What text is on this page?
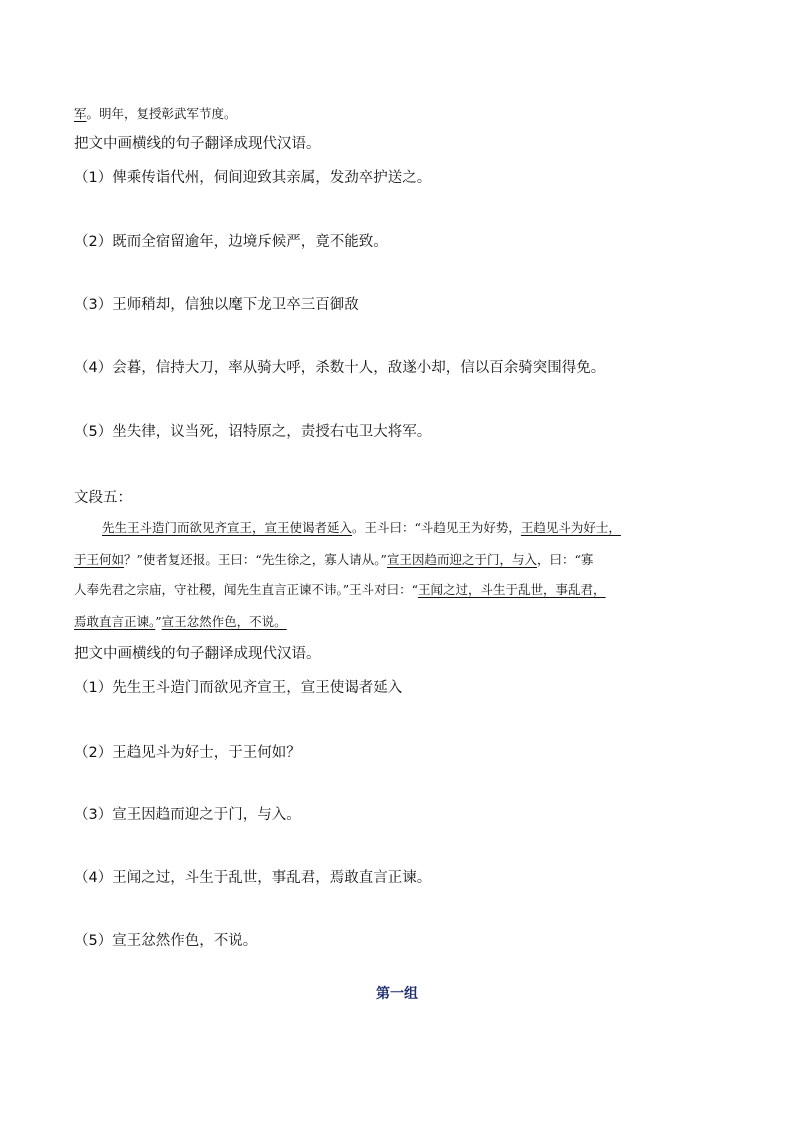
军。明年，复授彰武军节度。
把文中画横线的句子翻译成现代汉语。
（1）俾乘传诣代州，伺间迎致其亲属，发劲卒护送之。
（2）既而全宿留逾年，边境斥候严，竟不能致。
（3）王师稍却，信独以麾下龙卫卒三百御敌
（4）会暮，信持大刀，率从骑大呼，杀数十人，敌遂小却，信以百余骑突围得免。
（5）坐失律，议当死，诏特原之，责授右屯卫大将军。
文段五：
先生王斗造门而欲见齐宣王，宣王使谒者延入。王斗曰：“斗趋见王为好势，王趋见斗为好士，
于王何如？”使者复还报。王曰：“先生徐之，寡人请从。”宣王因趋而迎之于门，与入，曰：“寡
人奉先君之宗庙，守社稷，闻先生直言正谏不讳。”王斗对曰：“王闻之过，斗生于乱世，事乱君，
焉敢直言正谏。”宣王忿然作色，不说。
把文中画横线的句子翻译成现代汉语。
（1）先生王斗造门而欲见齐宣王，宣王使谒者延入
（2）王趋见斗为好士，于王何如？
（3）宣王因趋而迎之于门，与入。
（4）王闻之过，斗生于乱世，事乱君，焉敢直言正谏。
（5）宣王忿然作色，不说。
第一组
